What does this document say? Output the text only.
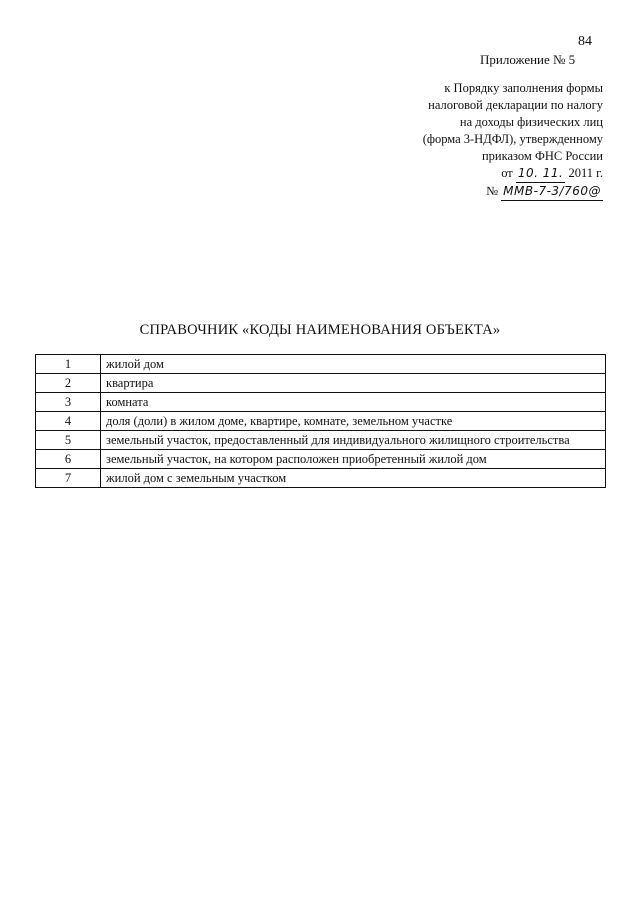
84
Приложение № 5
к Порядку заполнения формы
налоговой декларации по налогу
на доходы физических лиц
(форма 3-НДФЛ), утвержденному
приказом ФНС России
от 10. 11. 2011 г.
№ ММВ-7-3/760@
СПРАВОЧНИК «КОДЫ НАИМЕНОВАНИЯ ОБЪЕКТА»
1	жилой дом
2	квартира
3	комната
4	доля (доли) в жилом доме, квартире, комнате, земельном участке
5	земельный участок, предоставленный для индивидуального жилищного строительства
6	земельный участок, на котором расположен приобретенный жилой дом
7	жилой дом с земельным участком
